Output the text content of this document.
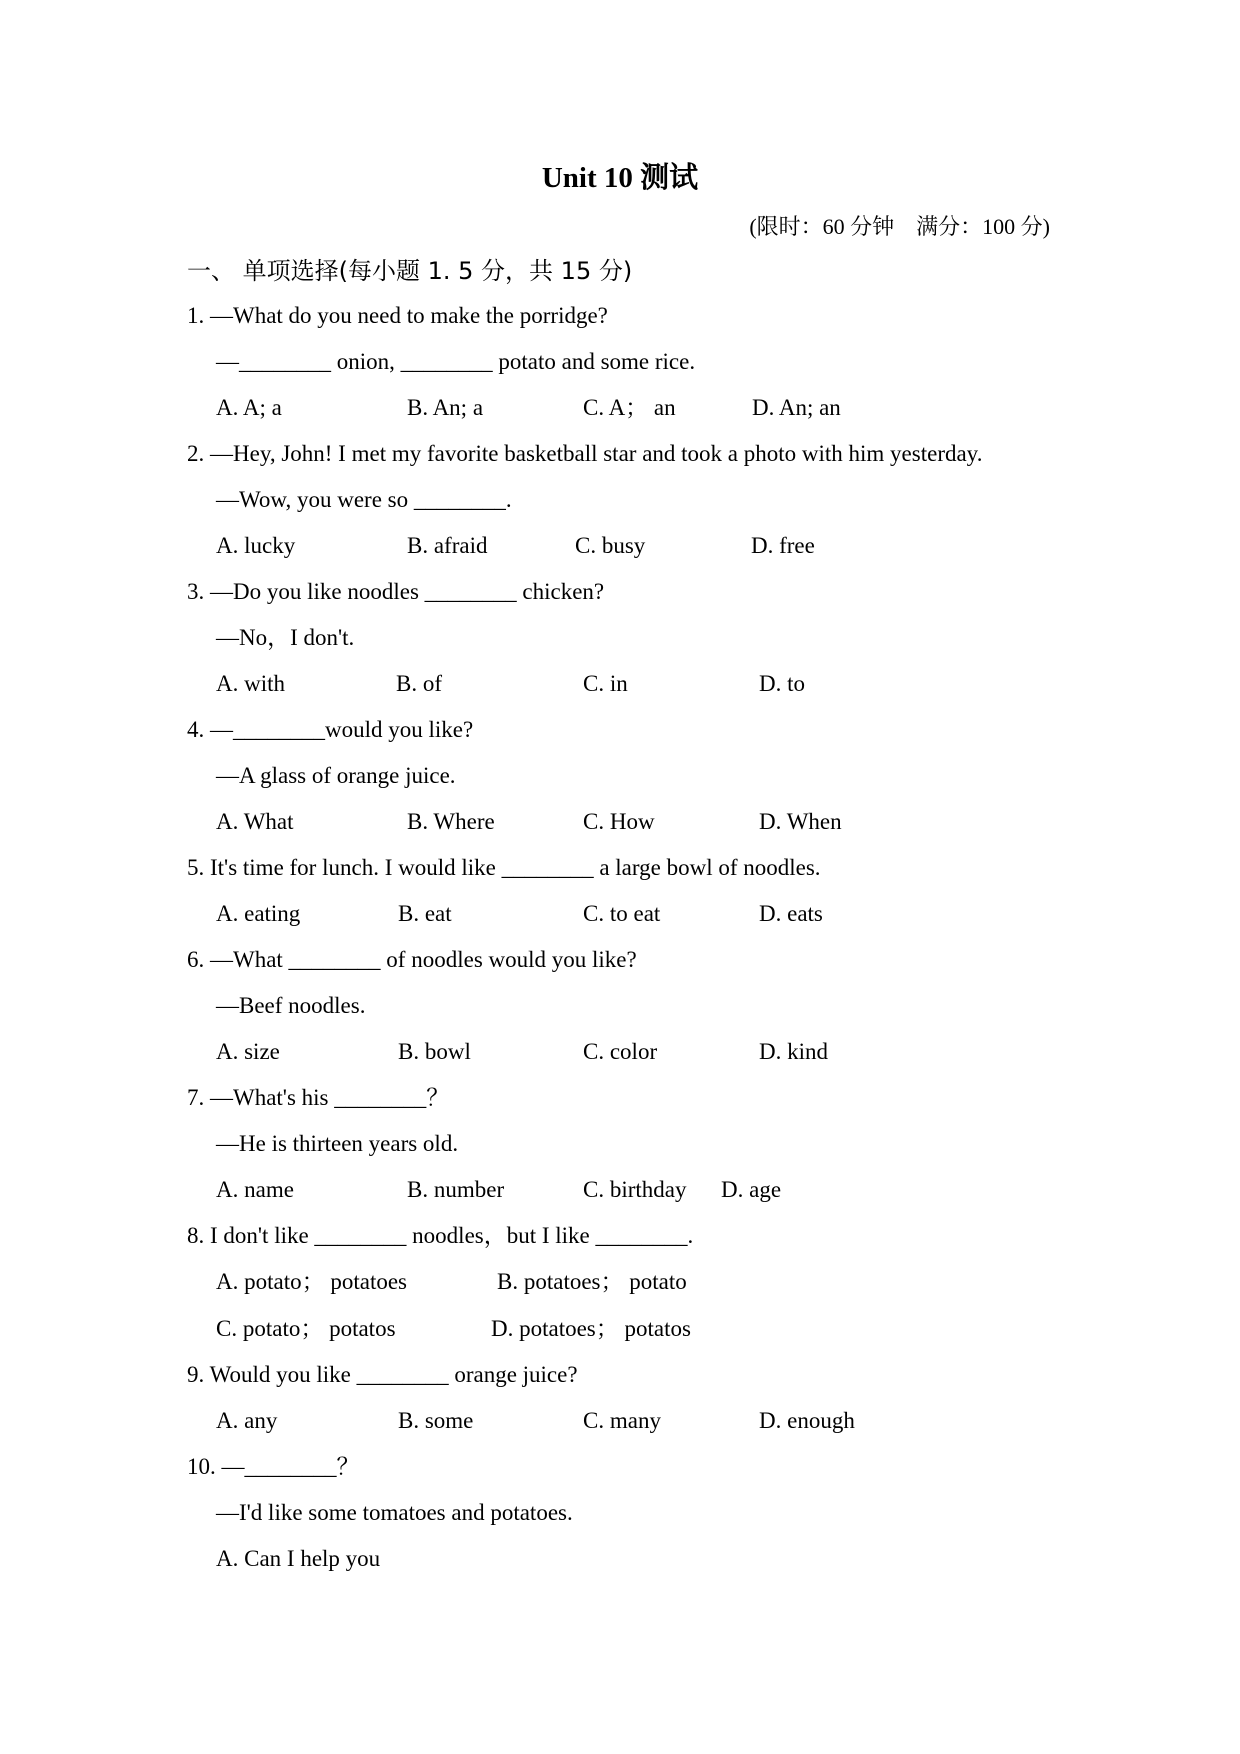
Unit 10 测试
(限时：60 分钟    满分：100 分)
一、 单项选择(每小题 1. 5 分，共 15 分)
1. —What do you need to make the porridge?
—________ onion, ________ potato and some rice.
A. A; a	B. An; a	C. A； an	D. An; an
2. —Hey, John! I met my favorite basketball star and took a photo with him yesterday.
—Wow, you were so ________.
A. lucky	B. afraid	C. busy	D. free
3. —Do you like noodles ________ chicken?
—No，I don't.
A. with	B. of	C. in	D. to
4. —________would you like?
—A glass of orange juice.
A. What	B. Where	C. How	D. When
5. It's time for lunch. I would like ________ a large bowl of noodles.
A. eating	B. eat	C. to eat	D. eats
6. —What ________ of noodles would you like?
—Beef noodles.
A. size	B. bowl	C. color	D. kind
7. —What's his ________？
—He is thirteen years old.
A. name	B. number	C. birthday D. age
8. I don't like ________ noodles，but I like ________.
A. potato； potatoes	B. potatoes； potato
C. potato； potatos	D. potatoes； potatos
9. Would you like ________ orange juice?
A. any	B. some	C. many	D. enough
10. —________？
—I'd like some tomatoes and potatoes.
A. Can I help you
